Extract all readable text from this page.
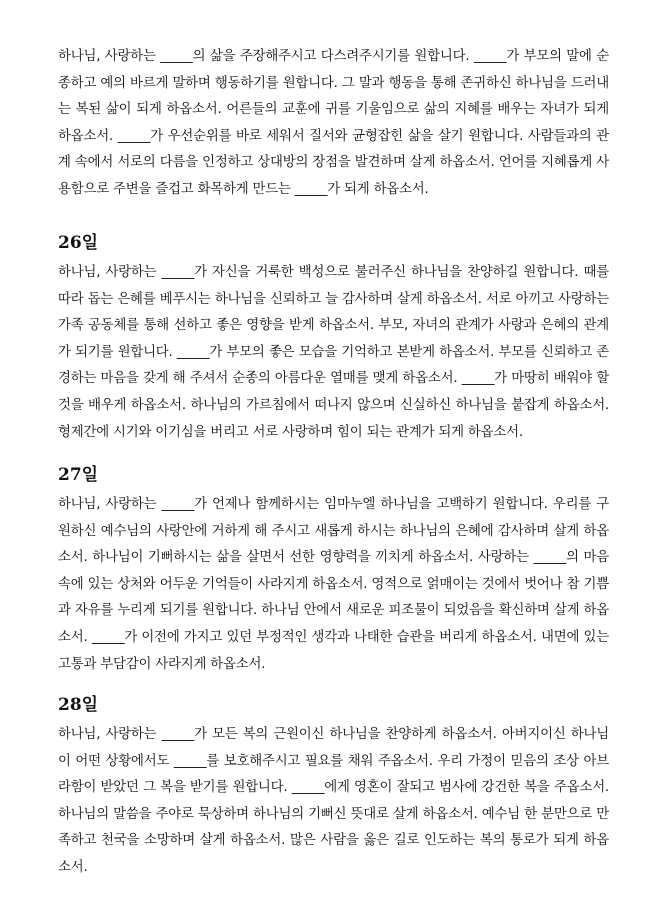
하나님, 사랑하는 _____의 삶을 주장해주시고 다스려주시기를 원합니다. _____가 부모의 말에 순종하고 예의 바르게 말하며 행동하기를 원합니다. 그 말과 행동을 통해 존귀하신 하나님을 드러내는 복된 삶이 되게 하옵소서. 어른들의 교훈에 귀를 기울임으로 삶의 지혜를 배우는 자녀가 되게 하옵소서. _____가 우선순위를 바로 세워서 질서와 균형잡힌 삶을 살기 원합니다. 사람들과의 관계 속에서 서로의 다름을 인정하고 상대방의 장점을 발견하며 살게 하옵소서. 언어를 지혜롭게 사용함으로 주변을 즐겁고 화목하게 만드는 _____가 되게 하옵소서.

26일

하나님, 사랑하는 _____가 자신을 거룩한 백성으로 불러주신 하나님을 찬양하길 원합니다. 때를 따라 돕는 은혜를 베푸시는 하나님을 신뢰하고 늘 감사하며 살게 하옵소서. 서로 아끼고 사랑하는 가족 공동체를 통해 선하고 좋은 영향을 받게 하옵소서. 부모, 자녀의 관계가 사랑과 은혜의 관계가 되기를 원합니다. _____가 부모의 좋은 모습을 기억하고 본받게 하옵소서. 부모를 신뢰하고 존경하는 마음을 갖게 해 주셔서 순종의 아름다운 열매를 맺게 하옵소서. _____가 마땅히 배워야 할 것을 배우게 하옵소서. 하나님의 가르침에서 떠나지 않으며 신실하신 하나님을 붙잡게 하옵소서. 형제간에 시기와 이기심을 버리고 서로 사랑하며 힘이 되는 관계가 되게 하옵소서.

27일

하나님, 사랑하는 _____가 언제나 함께하시는 임마누엘 하나님을 고백하기 원합니다. 우리를 구원하신 예수님의 사랑안에 거하게 해 주시고 새롭게 하시는 하나님의 은혜에 감사하며 살게 하옵소서. 하나님이 기뻐하시는 삶을 살면서 선한 영향력을 끼치게 하옵소서. 사랑하는 _____의 마음속에 있는 상처와 어두운 기억들이 사라지게 하옵소서. 영적으로 얽매이는 것에서 벗어나 참 기쁨과 자유를 누리게 되기를 원합니다. 하나님 안에서 새로운 피조물이 되었음을 확신하며 살게 하옵소서. _____가 이전에 가지고 있던 부정적인 생각과 나태한 습관을 버리게 하옵소서. 내면에 있는 고통과 부담감이 사라지게 하옵소서.

28일

하나님, 사랑하는 _____가 모든 복의 근원이신 하나님을 찬양하게 하옵소서. 아버지이신 하나님이 어떤 상황에서도 _____를 보호해주시고 필요를 채워 주옵소서. 우리 가정이 믿음의 조상 아브라함이 받았던 그 복을 받기를 원합니다. _____에게 영혼이 잘되고 범사에 강건한 복을 주옵소서. 하나님의 말씀을 주야로 묵상하며 하나님의 기뻐신 뜻대로 살게 하옵소서. 예수님 한 분만으로 만족하고 천국을 소망하며 살게 하옵소서. 많은 사람을 옳은 길로 인도하는 복의 통로가 되게 하옵소서.
